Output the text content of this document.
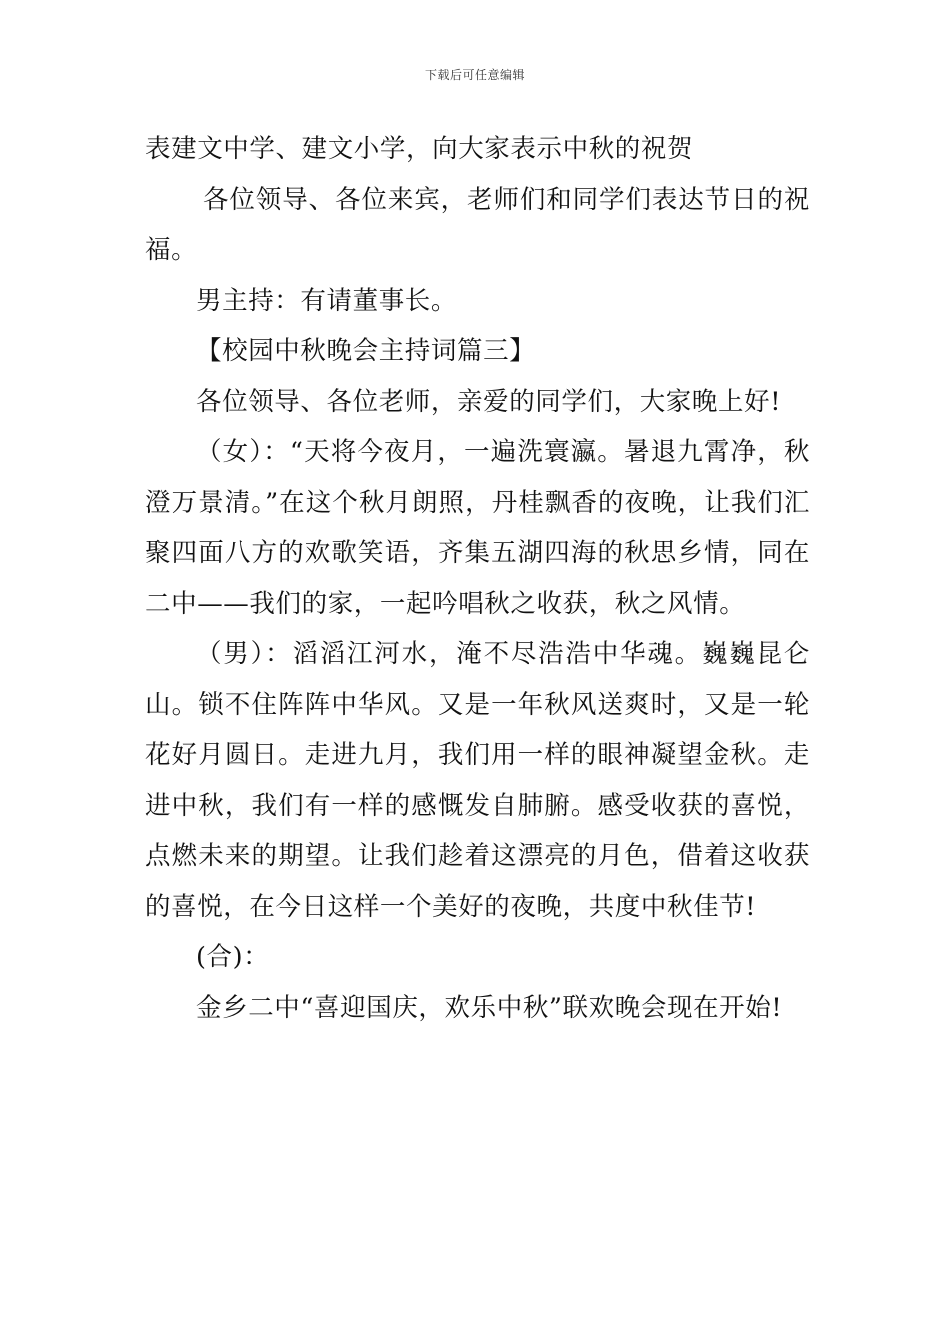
下载后可任意编辑

表建文中学、建文小学，向大家表示中秋的祝贺

各位领导、各位来宾，老师们和同学们表达节日的祝福。

男主持：有请董事长。

【校园中秋晚会主持词篇三】

各位领导、各位老师，亲爱的同学们，大家晚上好!

（女）：“天将今夜月，一遍洗寰瀛。暑退九霄净，秋澄万景清。”在这个秋月朗照，丹桂飘香的夜晚，让我们汇聚四面八方的欢歌笑语，齐集五湖四海的秋思乡情，同在二中——我们的家，一起吟唱秋之收获，秋之风情。

（男）：滔滔江河水，淹不尽浩浩中华魂。巍巍昆仑山。锁不住阵阵中华风。又是一年秋风送爽时，又是一轮花好月圆日。走进九月，我们用一样的眼神凝望金秋。走进中秋，我们有一样的感慨发自肺腑。感受收获的喜悦，点燃未来的期望。让我们趁着这漂亮的月色，借着这收获的喜悦，在今日这样一个美好的夜晚，共度中秋佳节!

(合)：

金乡二中“喜迎国庆，欢乐中秋”联欢晚会现在开始!
